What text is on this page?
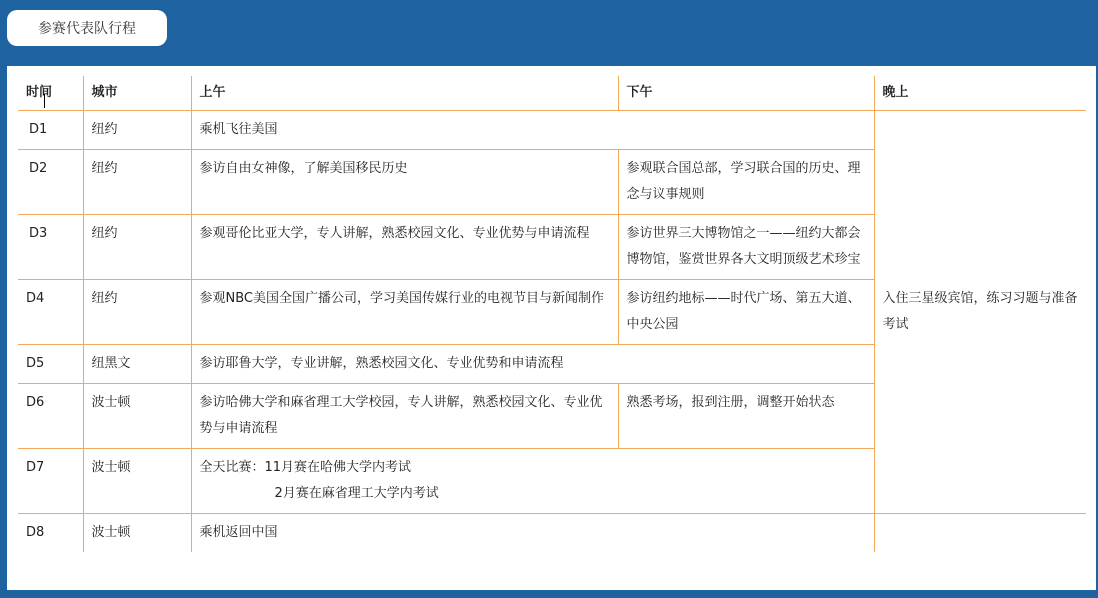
参赛代表队行程
时间	城市	上午	下午	晚上
D1	纽约	乘机飞往美国		入住三星级宾馆，练习习题与准备考试
D2	纽约	参访自由女神像，了解美国移民历史	参观联合国总部，学习联合国的历史、理念与议事规则	
D3	纽约	参观哥伦比亚大学，专人讲解，熟悉校园文化、专业优势与申请流程	参访世界三大博物馆之一——纽约大都会博物馆，鉴赏世界各大文明顶级艺术珍宝	
D4	纽约	参观NBC美国全国广播公司，学习美国传媒行业的电视节目与新闻制作	参访纽约地标——时代广场、第五大道、中央公园	
D5	纽黑文	参访耶鲁大学，专业讲解，熟悉校园文化、专业优势和申请流程		
D6	波士顿	参访哈佛大学和麻省理工大学校园，专人讲解，熟悉校园文化、专业优势与申请流程	熟悉考场，报到注册，调整开始状态	
D7	波士顿	全天比赛：11月赛在哈佛大学内考试
2月赛在麻省理工大学内考试		

D8	波士顿	乘机返回中国		
